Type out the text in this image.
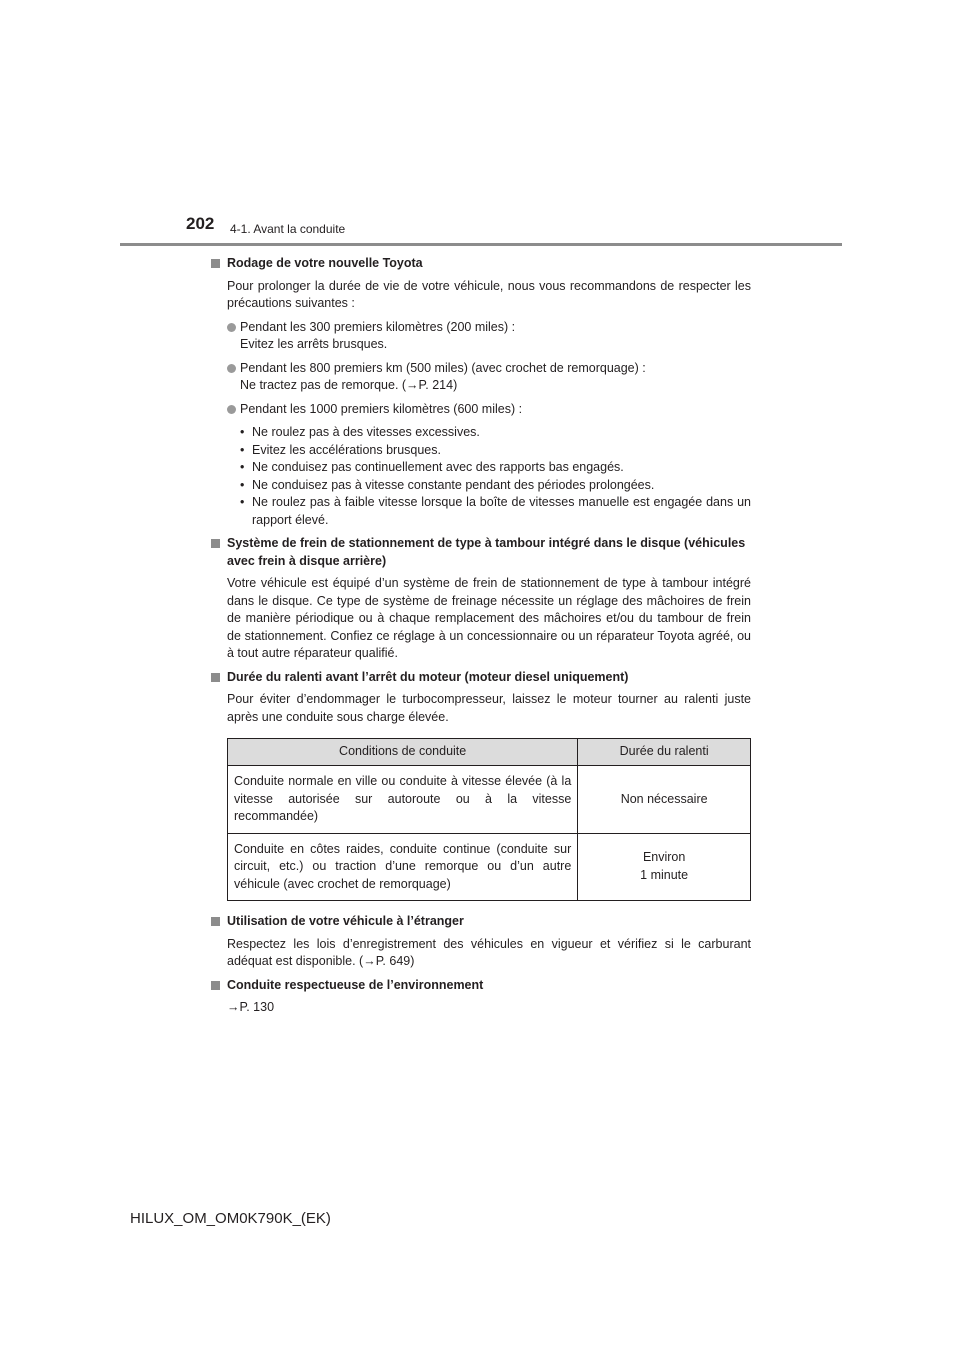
202 4-1. Avant la conduite
Rodage de votre nouvelle Toyota
Pour prolonger la durée de vie de votre véhicule, nous vous recommandons de respecter les précautions suivantes :
Pendant les 300 premiers kilomètres (200 miles) :
Evitez les arrêts brusques.
Pendant les 800 premiers km (500 miles) (avec crochet de remorquage) :
Ne tractez pas de remorque. (→P. 214)
Pendant les 1000 premiers kilomètres (600 miles) :
• Ne roulez pas à des vitesses excessives.
• Evitez les accélérations brusques.
• Ne conduisez pas continuellement avec des rapports bas engagés.
• Ne conduisez pas à vitesse constante pendant des périodes prolongées.
• Ne roulez pas à faible vitesse lorsque la boîte de vitesses manuelle est engagée dans un rapport élevé.
Système de frein de stationnement de type à tambour intégré dans le disque (véhicules avec frein à disque arrière)
Votre véhicule est équipé d’un système de frein de stationnement de type à tambour intégré dans le disque. Ce type de système de freinage nécessite un réglage des mâchoires de frein de manière périodique ou à chaque remplacement des mâchoires et/ou du tambour de frein de stationnement. Confiez ce réglage à un concessionnaire ou un réparateur Toyota agréé, ou à tout autre réparateur qualifié.
Durée du ralenti avant l’arrêt du moteur (moteur diesel uniquement)
Pour éviter d’endommager le turbocompresseur, laissez le moteur tourner au ralenti juste après une conduite sous charge élevée.
Conditions de conduite	Durée du ralenti
Conduite normale en ville ou conduite à vitesse élevée (à la vitesse autorisée sur autoroute ou à la vitesse recommandée)	Non nécessaire
Conduite en côtes raides, conduite continue (conduite sur circuit, etc.) ou traction d’une remorque ou d’un autre véhicule (avec crochet de remorquage)	Environ
1 minute
Utilisation de votre véhicule à l’étranger
Respectez les lois d’enregistrement des véhicules en vigueur et vérifiez si le carburant adéquat est disponible. (→P. 649)
Conduite respectueuse de l’environnement
→P. 130
HILUX_OM_OM0K790K_(EK)
